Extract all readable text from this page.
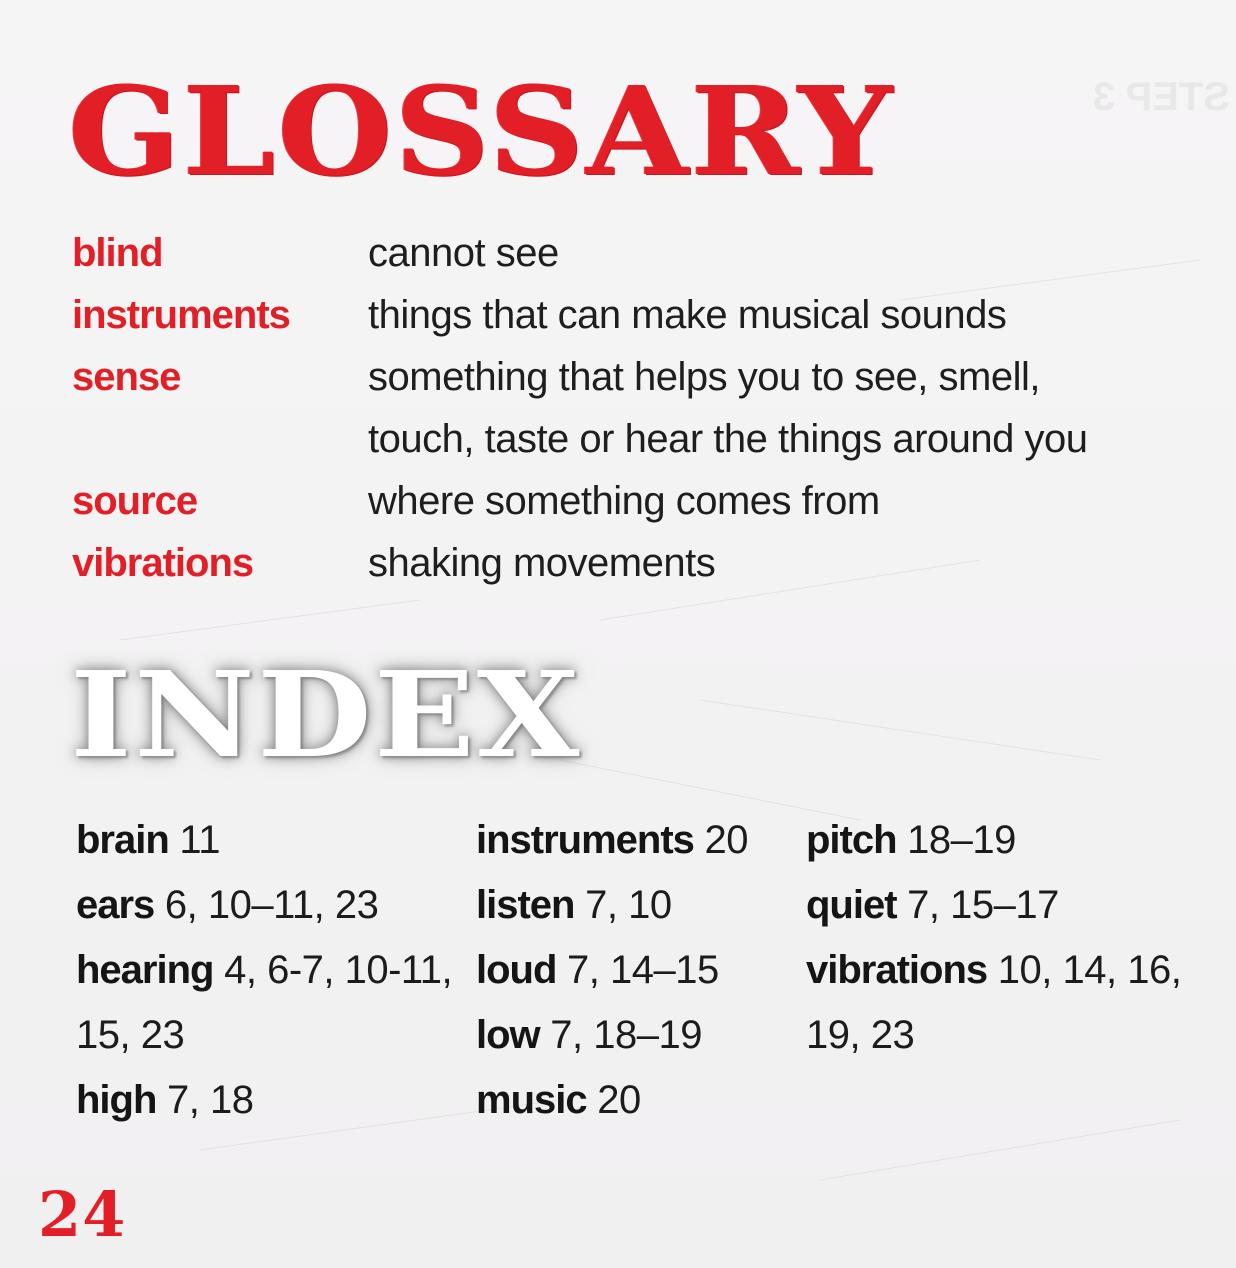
STEP 3
GLOSSARY
blind	cannot see
instruments	things that can make musical sounds
sense	something that helps you to see, smell,
touch, taste or hear the things around you
source	where something comes from
vibrations	shaking movements
INDEX
brain 11
ears 6, 10–11, 23
hearing 4, 6-7, 10-11,
15, 23
high 7, 18
instruments 20
listen 7, 10
loud 7, 14–15
low 7, 18–19
music 20
pitch 18–19
quiet 7, 15–17
vibrations 10, 14, 16,
19, 23
24
